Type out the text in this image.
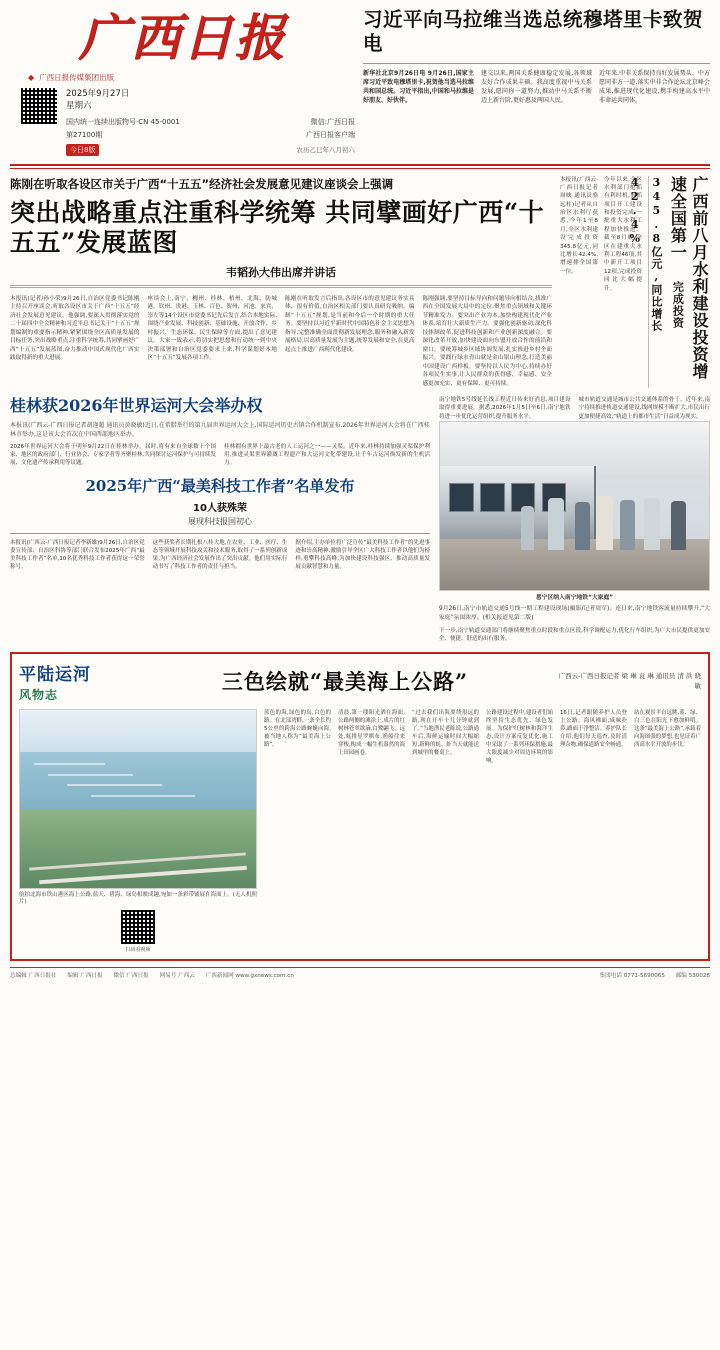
广西日报
◆ 广西日报传媒集团出版
2025年9月27日
星期六
国内统一连续出版物号·CN 45-0001
第27100期
微信:广西日报
广西日报客户端
今日8版	农历乙巳年八月初六
习近平向马拉维当选总统穆塔里卡致贺电
新华社北京9月26日电 9月26日,国家主席习近平致电穆塔里卡,祝贺他当选马拉维共和国总统。习近平指出,中国和马拉维是好朋友、好伙伴。
建交以来,两国关系健康稳定发展,各领域友好合作成果丰硕。我高度重视中马关系发展,愿同你一道努力,推动中马关系不断迈上新台阶,更好惠及两国人民。
近年来,中非关系保持良好发展势头。中方愿同非方一道,落实中非合作论坛北京峰会成果,推进现代化建设,携手构建高水平中非命运共同体。
陈刚在听取各设区市关于广西“十五五”经济社会发展意见建议座谈会上强调
突出战略重点注重科学统筹 共同擘画好广西“十五五”发展蓝图
韦韬孙大伟出席并讲话
本报讯(记者/孙小荣)9月26日,自治区党委书记陈刚主持召开座谈会,听取各设区市关于广西“十五五”经济社会发展意见建议。他强调,要深入贯彻落实党的二十届四中全会精神和习近平总书记关于“十五五”规划编制的重要指示精神,紧紧围绕全区高质量发展的目标任务,突出战略重点,注重科学统筹,共同擘画好广西“十五五”发展蓝图,奋力推动中国式现代化广西实践取得新的重大进展。
座谈会上,南宁、柳州、桂林、梧州、北海、防城港、钦州、贵港、玉林、百色、贺州、河池、来宾、崇左等14个设区市党委书记先后发言,结合本地实际,围绕产业发展、科技创新、基础设施、开放合作、乡村振兴、生态环保、民生保障等方面,提出了意见建议。大家一致表示,将切实把思想和行动统一到中央决策部署和自治区党委要求上来,科学谋划好本地区“十五五”发展各项工作。
陈刚在听取发言后指出,各设区市的意见建议务实具体、很有价值,自治区相关部门要认真研究吸纳。编制“十五五”规划,是当前和今后一个时期的重大任务。要坚持以习近平新时代中国特色社会主义思想为指导,完整准确全面贯彻新发展理念,服务和融入新发展格局,以高质量发展为主题,统筹发展和安全,在更高起点上推进广西现代化建设。
陈刚强调,要坚持目标导向和问题导向相结合,找准广西在全国发展大局中的定位,聚焦重点领域和关键环节精准发力。要突出产业为本,加快构建现代化产业体系,培育壮大新质生产力。要强化创新驱动,深化科技体制改革,促进科技创新和产业创新深度融合。要深化改革开放,加快建设面向东盟开放合作的前沿和窗口。要统筹城乡区域协调发展,扎实推进乡村全面振兴。要践行绿水青山就是金山银山理念,打造美丽中国建设广西样板。要坚持以人民为中心,持续办好各项民生实事,让人民群众的获得感、幸福感、安全感更加充实、更有保障、更可持续。
本报讯(广西云-广西日报记者周映 通讯员骆远柱)记者从自治区水利厅获悉,今年1至8月,全区水利建设完成投资345.8亿元,同比增长42.4%,增速排全国第一位。
今年以来,全区水利部门抢抓有利时机,狠抓项目开工建设和投资完成,一批重大水利工程加快推进。截至8月底,全区在建重大水利工程46项,其中新开工项目12项,完成投资同比大幅提升。	广西前八月水利建设投资增速全国第一 完成投资345.8亿元,同比增长42.4%
桂林获2026年世界运河大会举办权
本报讯(广西云-广西日报记者胡逢超 通讯员黄晓敏)近日,在希腊举行的第九届世界运河大会上,国际运河历史古镇合作机制宣布,2026年世界运河大会将在广西桂林市举办,这是该大会首次在中国西部地区举办。
2026年世界运河大会将于明年9月22日在桂林举办。届时,将有来自全球数十个国家、地区的政府部门、行业协会、专家学者等齐聚桂林,共同探讨运河保护与可持续发展、文化遗产传承利用等议题。
桂林拥有世界上最古老的人工运河之一——灵渠。近年来,桂林持续加强灵渠保护利用,推进灵渠世界灌溉工程遗产和大运河文化带建设,让千年古运河焕发新的生机活力。
2025年广西“最美科技工作者”名单发布
10人获殊荣
展现科技报国初心
本报讯(广西云-广西日报记者李新雄)9月26日,自治区党委宣传部、自治区科协等部门联合发布2025年广西“最美科技工作者”名单,10名优秀科技工作者获得这一荣誉称号。
这些获奖者长期扎根八桂大地,在农业、工业、医疗、生态等领域开展科技攻关和技术服务,取得了一系列创新成果,为广西经济社会发展作出了突出贡献。他们用实际行动书写了科技工作者的责任与担当。
据介绍,主办单位将广泛宣传“最美科技工作者”的先进事迹和崇高精神,激励引导全区广大科技工作者以他们为榜样,勇攀科技高峰,为加快建设科技强区、推动高质量发展贡献智慧和力量。
南宁地铁5号线延长线工程近日传来好消息,项目建设取得重要进展。据悉,2026年1月5日至6日,南宁地铁将进一步优化运营组织,提升服务水平。
城市轨道交通是城市公共交通体系的骨干。近年来,南宁持续推进轨道交通建设,线网规模不断扩大,市民出行更加便捷高效,“轨道上的都市生活”日益成为现实。
邕宁区纳入南宁地铁“大家庭”
9月26日,南宁市轨道交通5号线一期工程建设现场(摄影/记者周军)。连日来,南宁地铁客流量持续攀升,“大家庭”氛围浓厚。(相关报道见第二版)
下一步,南宁轨道交通部门将继续聚焦重点时段和重点区段,科学调配运力,优化行车组织,为广大市民提供更加安全、便捷、舒适的出行服务。
平陆运河
风物志
三色绘就“最美海上公路”	广西云-广西日报记者 梁 琳 袁 琳 通讯员 清 洪 晓 敏
航拍北海市铁山港区海上公路,蓝天、碧海、绿岛相映成趣,宛如一条彩带铺展在海面上。(无人机照片)
扫码看视频
蓝色的海,绿色的岛,白色的路。在北部湾畔,一条全长约5公里的跨海公路蜿蜒向海,被当地人称为“最美海上公路”。
清晨,第一缕阳光洒在海面,公路两侧的滩涂上,成片的红树林苍翠欲滴,白鹭翩飞。远处,蚝排星罗棋布,渔船往来穿梭,构成一幅生机盎然的海上田园画卷。
“过去我们出海要绕很远的路,现在开车十几分钟就到了。”当地渔民老陈说,公路通车后,海鲜运输时间大幅缩短,新鲜的蚝、虾当天就能送到城里的餐桌上。
公路建设过程中,建设者们始终坚持生态优先、绿色发展。为保护红树林和海洋生态,设计方案反复优化,施工中采取了一系列环保措施,最大限度减少对周边环境的影响。
16日,记者跟随养护人员登上公路。海风拂面,咸味扑鼻,路面干净整洁。养护队长介绍,他们每天巡查,及时清理杂物,确保道路安全畅通。
站在观景平台远眺,蓝、绿、白三色在阳光下愈加鲜明。这条“最美海上公路”,承载着向海图强的梦想,也见证着广西高水平开放的步伐。
总编辑 广西日报社 编辑 广西日报 微信 广西日报 网易号 广西云 广西新闻网 www.gxnews.com.cn	集团电话 0771-5690065 邮编 530028
